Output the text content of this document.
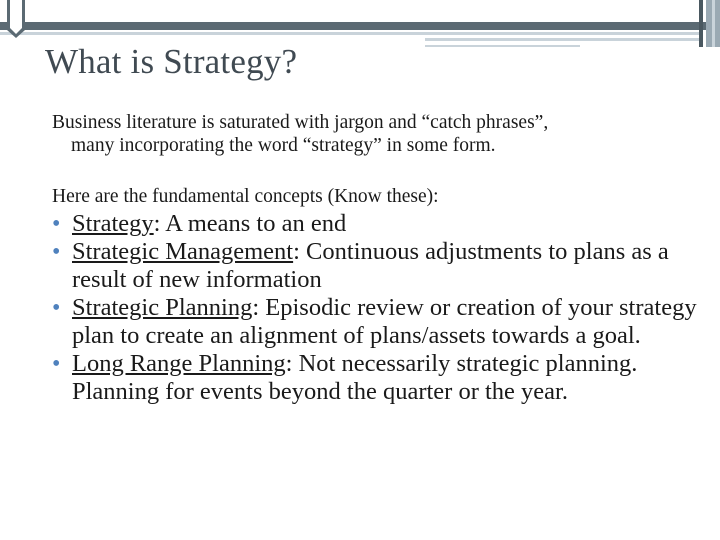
What is Strategy?
Business literature is saturated with jargon and “catch phrases”,
many incorporating the word “strategy” in some form.
Here are the fundamental concepts (Know these):
• Strategy: A means to an end
• Strategic Management: Continuous adjustments to plans as a result of new information
• Strategic Planning: Episodic review or creation of your strategy plan to create an alignment of plans/assets towards a goal.
• Long Range Planning: Not necessarily strategic planning. Planning for events beyond the quarter or the year.
